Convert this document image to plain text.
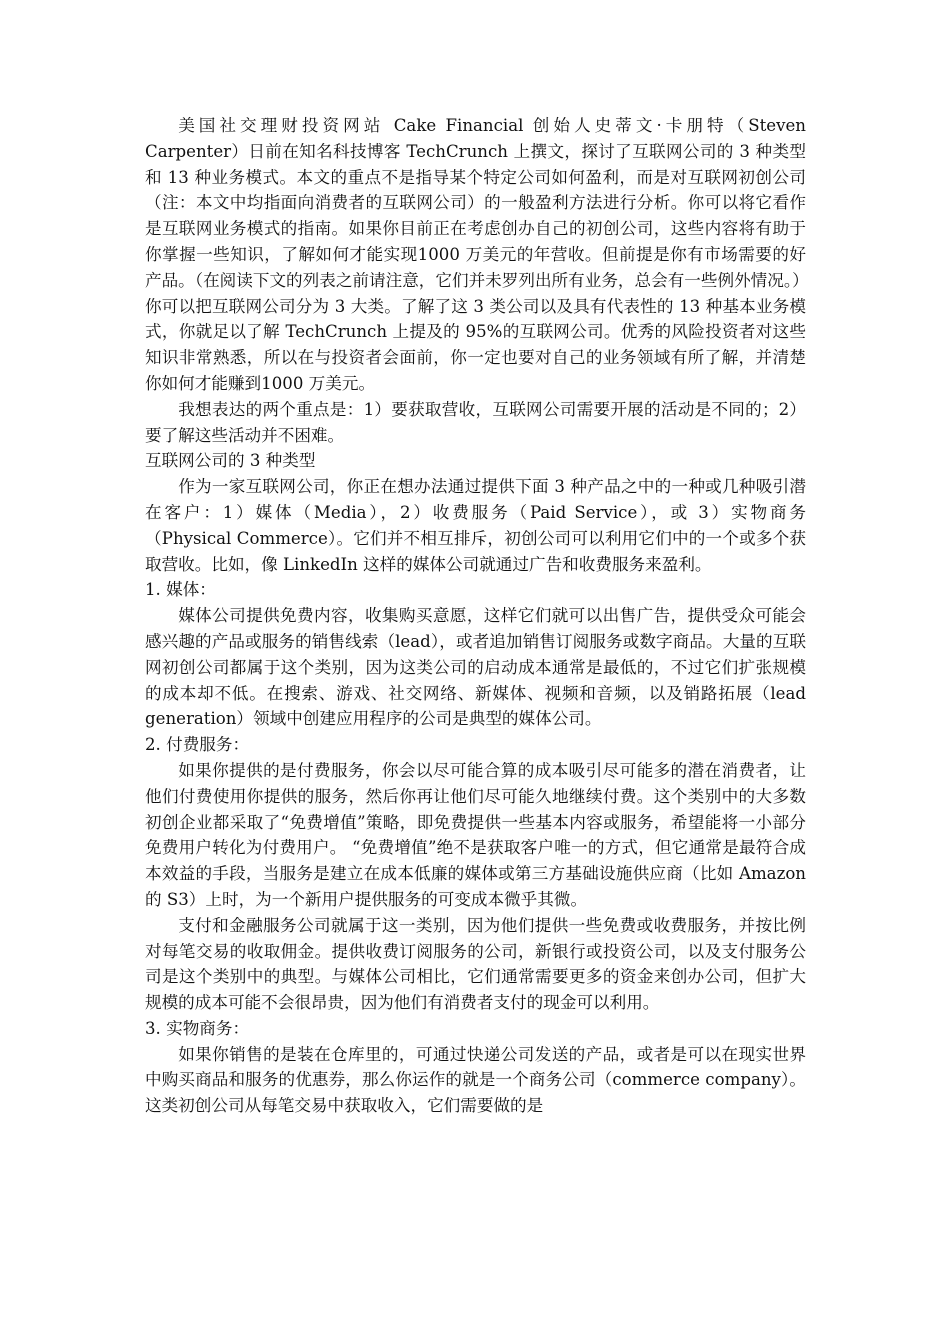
美国社交理财投资网站 Cake Financial 创始人史蒂文·卡朋特（Steven Carpenter）日前在知名科技博客 TechCrunch 上撰文，探讨了互联网公司的 3 种类型和 13 种业务模式。本文的重点不是指导某个特定公司如何盈利，而是对互联网初创公司（注：本文中均指面向消费者的互联网公司）的一般盈利方法进行分析。你可以将它看作是互联网业务模式的指南。如果你目前正在考虑创办自己的初创公司，这些内容将有助于你掌握一些知识，了解如何才能实现1000 万美元的年营收。但前提是你有市场需要的好产品。（在阅读下文的列表之前请注意，它们并未罗列出所有业务，总会有一些例外情况。）

你可以把互联网公司分为 3 大类。了解了这 3 类公司以及具有代表性的 13 种基本业务模式，你就足以了解 TechCrunch 上提及的 95%的互联网公司。优秀的风险投资者对这些知识非常熟悉，所以在与投资者会面前，你一定也要对自己的业务领域有所了解，并清楚你如何才能赚到1000 万美元。

我想表达的两个重点是：1）要获取营收，互联网公司需要开展的活动是不同的；2）要了解这些活动并不困难。

互联网公司的 3 种类型

作为一家互联网公司，你正在想办法通过提供下面 3 种产品之中的一种或几种吸引潜在客户：1）媒体（Media），2）收费服务（Paid Service），或 3）实物商务（Physical Commerce）。它们并不相互排斥，初创公司可以利用它们中的一个或多个获取营收。比如，像 LinkedIn 这样的媒体公司就通过广告和收费服务来盈利。

1. 媒体：

媒体公司提供免费内容，收集购买意愿，这样它们就可以出售广告，提供受众可能会感兴趣的产品或服务的销售线索（lead），或者追加销售订阅服务或数字商品。大量的互联网初创公司都属于这个类别，因为这类公司的启动成本通常是最低的，不过它们扩张规模的成本却不低。在搜索、游戏、社交网络、新媒体、视频和音频，以及销路拓展（lead generation）领域中创建应用程序的公司是典型的媒体公司。

2. 付费服务：

如果你提供的是付费服务，你会以尽可能合算的成本吸引尽可能多的潜在消费者，让他们付费使用你提供的服务，然后你再让他们尽可能久地继续付费。这个类别中的大多数初创企业都采取了“免费增值”策略，即免费提供一些基本内容或服务，希望能将一小部分免费用户转化为付费用户。 “免费增值”绝不是获取客户唯一的方式，但它通常是最符合成本效益的手段，当服务是建立在成本低廉的媒体或第三方基础设施供应商（比如 Amazon 的 S3）上时，为一个新用户提供服务的可变成本微乎其微。

支付和金融服务公司就属于这一类别，因为他们提供一些免费或收费服务，并按比例对每笔交易的收取佣金。提供收费订阅服务的公司，新银行或投资公司，以及支付服务公司是这个类别中的典型。与媒体公司相比，它们通常需要更多的资金来创办公司，但扩大规模的成本可能不会很昂贵，因为他们有消费者支付的现金可以利用。

3. 实物商务：

如果你销售的是装在仓库里的，可通过快递公司发送的产品，或者是可以在现实世界中购买商品和服务的优惠券，那么你运作的就是一个商务公司（commerce company）。这类初创公司从每笔交易中获取收入，它们需要做的是
